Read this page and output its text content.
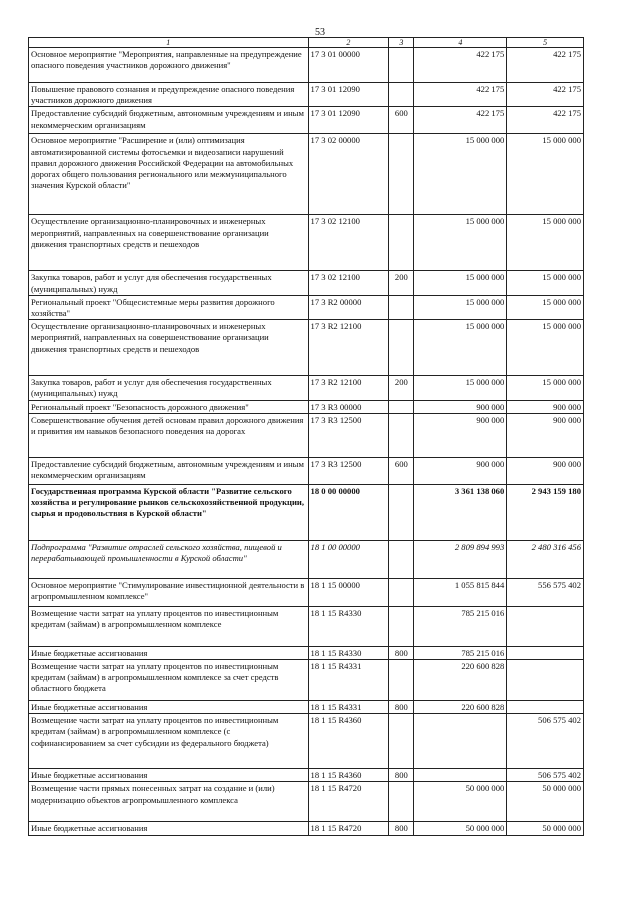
53
1	2	3	4	5
Основное мероприятие "Мероприятия, направленные на предупреждение опасного поведения участников дорожного движения"	17 3 01 00000		422 175	422 175
Повышение правового сознания и предупреждение опасного поведения участников дорожного движения	17 3 01 12090		422 175	422 175
Предоставление субсидий бюджетным, автономным учреждениям и иным некоммерческим организациям	17 3 01 12090	600	422 175	422 175
Основное мероприятие "Расширение и (или) оптимизация автоматизированной системы фотосъемки и видеозаписи нарушений правил дорожного движения Российской Федерации на автомобильных дорогах общего пользования регионального или межмуниципального значения Курской области"	17 3 02 00000		15 000 000	15 000 000
Осуществление организационно-планировочных и инженерных мероприятий, направленных на совершенствование организации движения транспортных средств и пешеходов	17 3 02 12100		15 000 000	15 000 000
Закупка товаров, работ и услуг для обеспечения государственных (муниципальных) нужд	17 3 02 12100	200	15 000 000	15 000 000
Региональный проект "Общесистемные меры развития дорожного хозяйства"	17 3 R2 00000		15 000 000	15 000 000
Осуществление организационно-планировочных и инженерных мероприятий, направленных на совершенствование организации движения транспортных средств и пешеходов	17 3 R2 12100		15 000 000	15 000 000
Закупка товаров, работ и услуг для обеспечения государственных (муниципальных) нужд	17 3 R2 12100	200	15 000 000	15 000 000
Региональный проект "Безопасность дорожного движения"	17 3 R3 00000		900 000	900 000
Совершенствование обучения детей основам правил дорожного движения и привития им навыков безопасного поведения на дорогах	17 3 R3 12500		900 000	900 000
Предоставление субсидий бюджетным, автономным учреждениям и иным некоммерческим организациям	17 3 R3 12500	600	900 000	900 000
Государственная программа Курской области "Развитие сельского хозяйства и регулирование рынков сельскохозяйственной продукции, сырья и продовольствия в Курской области"	18 0 00 00000		3 361 138 060	2 943 159 180
Подпрограмма "Развитие отраслей сельского хозяйства, пищевой и перерабатывающей промышленности в Курской области"	18 1 00 00000		2 809 894 993	2 480 316 456
Основное мероприятие "Стимулирование инвестиционной деятельности в агропромышленном комплексе"	18 1 15 00000		1 055 815 844	556 575 402
Возмещение части затрат на уплату процентов по инвестиционным кредитам (займам) в агропромышленном комплексе	18 1 15 R4330		785 215 016	
Иные бюджетные ассигнования	18 1 15 R4330	800	785 215 016	
Возмещение части затрат на уплату процентов по инвестиционным кредитам (займам) в агропромышленном комплексе за счет средств областного бюджета	18 1 15 R4331		220 600 828	
Иные бюджетные ассигнования	18 1 15 R4331	800	220 600 828	
Возмещение части затрат на уплату процентов по инвестиционным кредитам (займам) в агропромышленном комплексе (с софинансированием за счет субсидии из федерального бюджета)	18 1 15 R4360			506 575 402
Иные бюджетные ассигнования	18 1 15 R4360	800		506 575 402
Возмещение части прямых понесенных затрат на создание и (или) модернизацию объектов агропромышленного комплекса	18 1 15 R4720		50 000 000	50 000 000
Иные бюджетные ассигнования	18 1 15 R4720	800	50 000 000	50 000 000
